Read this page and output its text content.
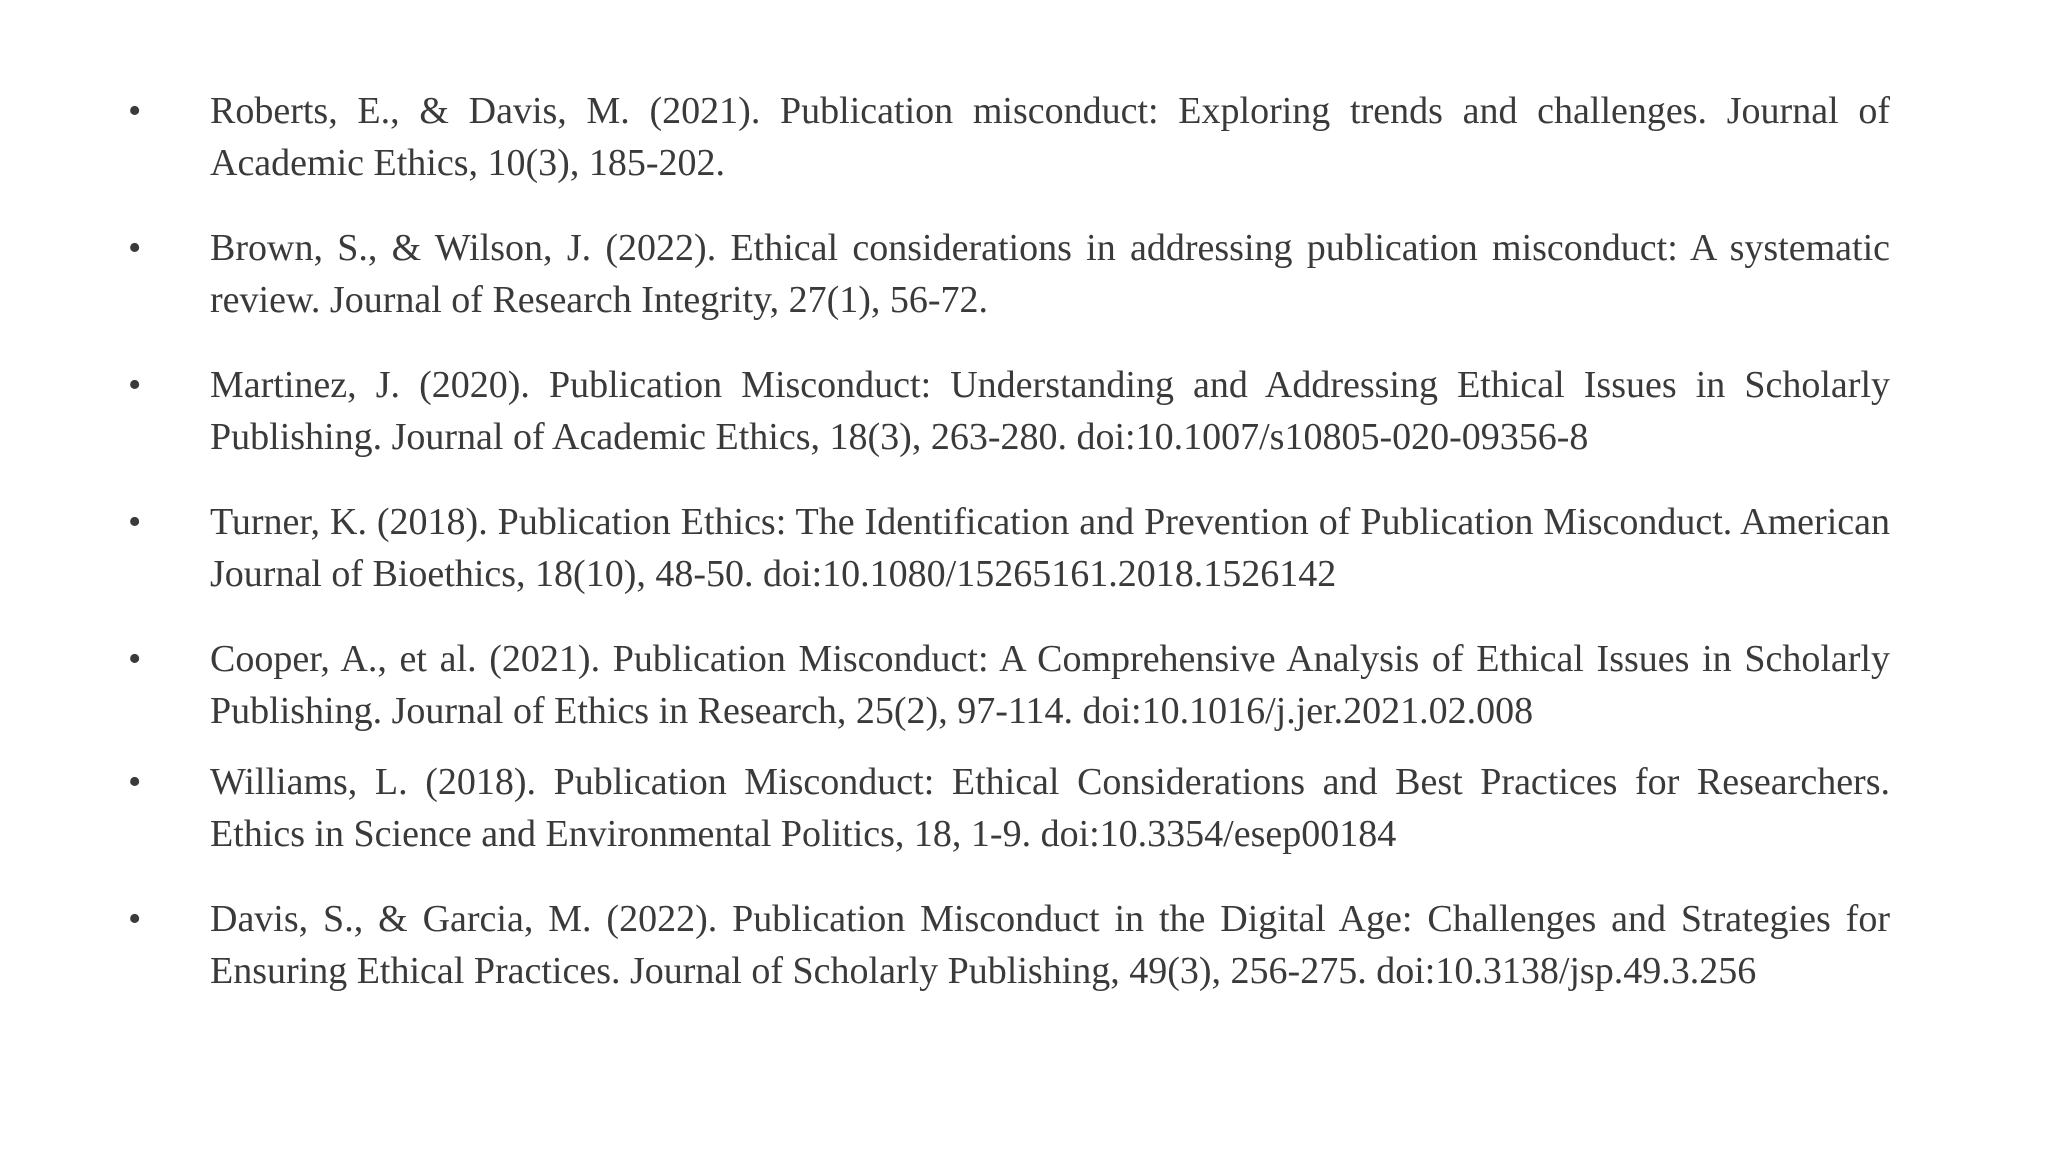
• Roberts, E., & Davis, M. (2021). Publication misconduct: Exploring trends and challenges. Journal of Academic Ethics, 10(3), 185-202.

• Brown, S., & Wilson, J. (2022). Ethical considerations in addressing publication misconduct: A systematic review. Journal of Research Integrity, 27(1), 56-72.

• Martinez, J. (2020). Publication Misconduct: Understanding and Addressing Ethical Issues in Scholarly Publishing. Journal of Academic Ethics, 18(3), 263-280. doi:10.1007/s10805-020-09356-8

• Turner, K. (2018). Publication Ethics: The Identification and Prevention of Publication Misconduct. American Journal of Bioethics, 18(10), 48-50. doi:10.1080/15265161.2018.1526142

• Cooper, A., et al. (2021). Publication Misconduct: A Comprehensive Analysis of Ethical Issues in Scholarly Publishing. Journal of Ethics in Research, 25(2), 97-114. doi:10.1016/j.jer.2021.02.008

• Williams, L. (2018). Publication Misconduct: Ethical Considerations and Best Practices for Researchers. Ethics in Science and Environmental Politics, 18, 1-9. doi:10.3354/esep00184

• Davis, S., & Garcia, M. (2022). Publication Misconduct in the Digital Age: Challenges and Strategies for Ensuring Ethical Practices. Journal of Scholarly Publishing, 49(3), 256-275. doi:10.3138/jsp.49.3.256
